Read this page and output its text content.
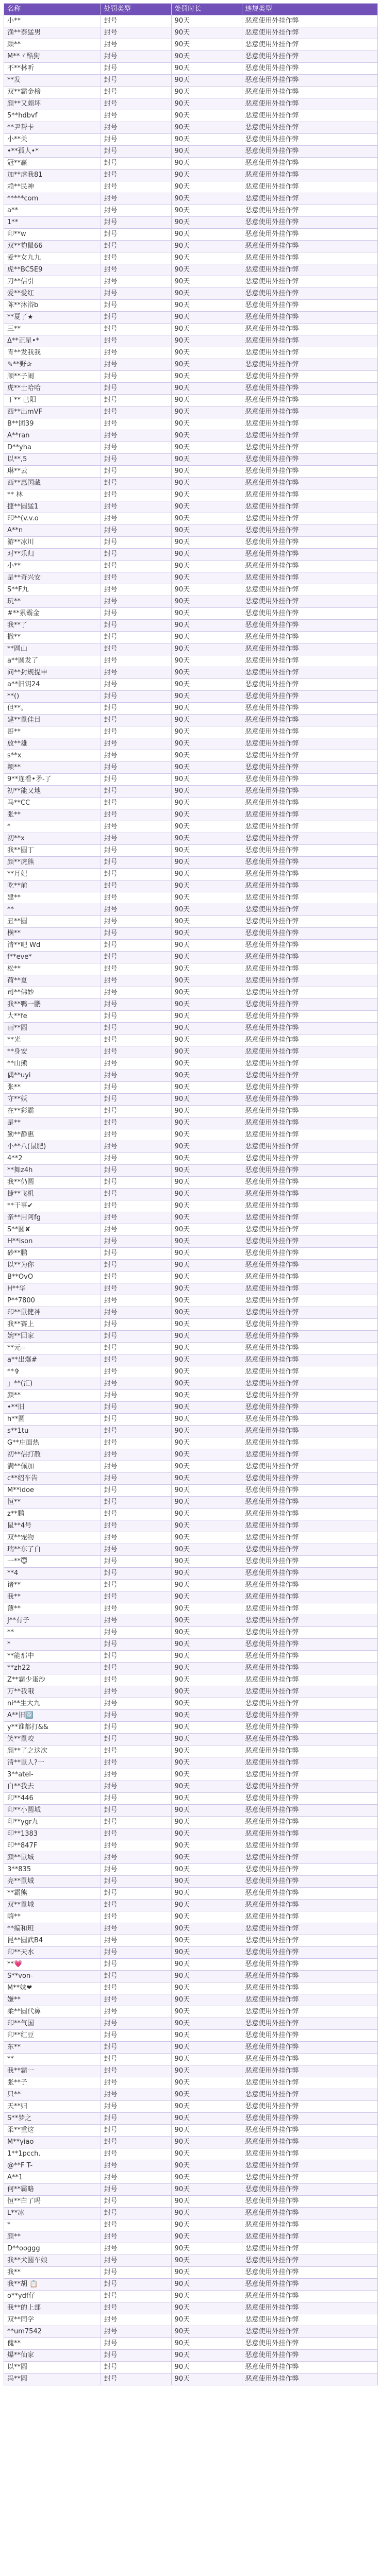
名称	处罚类型	处罚时长	违规类型
小**	封号	90天	恶意使用外挂作弊
渔**泰猛男	封号	90天	恶意使用外挂作弊
顾**	封号	90天	恶意使用外挂作弊
M**ゞ酷狗	封号	90天	恶意使用外挂作弊
不**林听	封号	90天	恶意使用外挂作弊
**发	封号	90天	恶意使用外挂作弊
双**霸金榜	封号	90天	恶意使用外挂作弊
颜**又颇坏	封号	90天	恶意使用外挂作弊
5**hdbvf	封号	90天	恶意使用外挂作弊
**尹帮卡	封号	90天	恶意使用外挂作弊
小**关	封号	90天	恶意使用外挂作弊
•**孤人•*	封号	90天	恶意使用外挂作弊
冠**赢	封号	90天	恶意使用外挂作弊
加**虐我81	封号	90天	恶意使用外挂作弊
赖**民神	封号	90天	恶意使用外挂作弊
*****com	封号	90天	恶意使用外挂作弊
a**	封号	90天	恶意使用外挂作弊
1**	封号	90天	恶意使用外挂作弊
印**w	封号	90天	恶意使用外挂作弊
双**豹鼠66	封号	90天	恶意使用外挂作弊
爱**女九九	封号	90天	恶意使用外挂作弊
虎**BC5E9	封号	90天	恶意使用外挂作弊
刀**信引	封号	90天	恶意使用外挂作弊
爱**爱红	封号	90天	恶意使用外挂作弊
陈**沐浴b	封号	90天	恶意使用外挂作弊
**夏了★	封号	90天	恶意使用外挂作弊
三**	封号	90天	恶意使用外挂作弊
Δ**正星•*	封号	90天	恶意使用外挂作弊
青**发我我	封号	90天	恶意使用外挂作弊
✎**野✰	封号	90天	恶意使用外挂作弊
顺**子闹	封号	90天	恶意使用外挂作弊
虎**士哈哈	封号	90天	恶意使用外挂作弊
丁** 已阳	封号	90天	恶意使用外挂作弊
西**出mVF	封号	90天	恶意使用外挂作弊
B**团39	封号	90天	恶意使用外挂作弊
A**ran	封号	90天	恶意使用外挂作弊
D**yha	封号	90天	恶意使用外挂作弊
以**,5	封号	90天	恶意使用外挂作弊
琳**云	封号	90天	恶意使用外挂作弊
西**惠国藏	封号	90天	恶意使用外挂作弊
** 林	封号	90天	恶意使用外挂作弊
捷**圆猛1	封号	90天	恶意使用外挂作弊
印**(v.v.o	封号	90天	恶意使用外挂作弊
A**n	封号	90天	恶意使用外挂作弊
游**冰川	封号	90天	恶意使用外挂作弊
对**乐归	封号	90天	恶意使用外挂作弊
小**	封号	90天	恶意使用外挂作弊
是**奇兴安	封号	90天	恶意使用外挂作弊
S**F九	封号	90天	恶意使用外挂作弊
玩**	封号	90天	恶意使用外挂作弊
#**累霸金	封号	90天	恶意使用外挂作弊
我**了	封号	90天	恶意使用外挂作弊
撒**	封号	90天	恶意使用外挂作弊
**圆山	封号	90天	恶意使用外挂作弊
a**圆发了	封号	90天	恶意使用外挂作弊
问**封规提申	封号	90天	恶意使用外挂作弊
a**旧钥24	封号	90天	恶意使用外挂作弊
**()	封号	90天	恶意使用外挂作弊
但**。	封号	90天	恶意使用外挂作弊
建**鼠佳目	封号	90天	恶意使用外挂作弊
哥**	封号	90天	恶意使用外挂作弊
放**雄	封号	90天	恶意使用外挂作弊
s**x	封号	90天	恶意使用外挂作弊
颖**	封号	90天	恶意使用外挂作弊
9**连看•矛-了	封号	90天	恶意使用外挂作弊
初**能又地	封号	90天	恶意使用外挂作弊
马**CC	封号	90天	恶意使用外挂作弊
张**	封号	90天	恶意使用外挂作弊
*	封号	90天	恶意使用外挂作弊
初**x	封号	90天	恶意使用外挂作弊
我**圆丁	封号	90天	恶意使用外挂作弊
颜**虎熊	封号	90天	恶意使用外挂作弊
**月妃	封号	90天	恶意使用外挂作弊
吃**前	封号	90天	恶意使用外挂作弊
建**	封号	90天	恶意使用外挂作弊
**	封号	90天	恶意使用外挂作弊
丑**圆	封号	90天	恶意使用外挂作弊
横**	封号	90天	恶意使用外挂作弊
清**吧 Wd	封号	90天	恶意使用外挂作弊
f**eve*	封号	90天	恶意使用外挂作弊
松**	封号	90天	恶意使用外挂作弊
荷**夏	封号	90天	恶意使用外挂作弊
司**佛妙	封号	90天	恶意使用外挂作弊
我**鸭一鹏	封号	90天	恶意使用外挂作弊
大**fe	封号	90天	恶意使用外挂作弊
丽**圆	封号	90天	恶意使用外挂作弊
**光	封号	90天	恶意使用外挂作弊
**身安	封号	90天	恶意使用外挂作弊
**山熊	封号	90天	恶意使用外挂作弊
偶**uyi	封号	90天	恶意使用外挂作弊
张**	封号	90天	恶意使用外挂作弊
守**妖	封号	90天	恶意使用外挂作弊
在**彩霸	封号	90天	恶意使用外挂作弊
是**	封号	90天	恶意使用外挂作弊
勤**静惠	封号	90天	恶意使用外挂作弊
小**八(鼠肥)	封号	90天	恶意使用外挂作弊
4**2	封号	90天	恶意使用外挂作弊
**舞z4h	封号	90天	恶意使用外挂作弊
我**仍圆	封号	90天	恶意使用外挂作弊
捷**飞机	封号	90天	恶意使用外挂作弊
**干事✔	封号	90天	恶意使用外挂作弊
亲**用阿fg	封号	90天	恶意使用外挂作弊
S**圆✘	封号	90天	恶意使用外挂作弊
H**ison	封号	90天	恶意使用外挂作弊
砂**鹏	封号	90天	恶意使用外挂作弊
以**为你	封号	90天	恶意使用外挂作弊
B**OvO	封号	90天	恶意使用外挂作弊
H**华	封号	90天	恶意使用外挂作弊
P**7800	封号	90天	恶意使用外挂作弊
印**鼠健神	封号	90天	恶意使用外挂作弊
我**赛上	封号	90天	恶意使用外挂作弊
婉**回家	封号	90天	恶意使用外挂作弊
**元--	封号	90天	恶意使用外挂作弊
a**出爆#	封号	90天	恶意使用外挂作弊
**✞	封号	90天	恶意使用外挂作弊
」**(汇)	封号	90天	恶意使用外挂作弊
颜**	封号	90天	恶意使用外挂作弊
•**旧	封号	90天	恶意使用外挂作弊
h**圆	封号	90天	恶意使用外挂作弊
s**1tu	封号	90天	恶意使用外挂作弊
G**庄面热	封号	90天	恶意使用外挂作弊
初**信打散	封号	90天	恶意使用外挂作弊
满**佩加	封号	90天	恶意使用外挂作弊
c**绍车告	封号	90天	恶意使用外挂作弊
M**idoe	封号	90天	恶意使用外挂作弊
恒**	封号	90天	恶意使用外挂作弊
z**鹏	封号	90天	恶意使用外挂作弊
鼠**4号	封号	90天	恶意使用外挂作弊
双**宠物	封号	90天	恶意使用外挂作弊
瑞**东了白	封号	90天	恶意使用外挂作弊
一**😇	封号	90天	恶意使用外挂作弊
**4	封号	90天	恶意使用外挂作弊
诸**	封号	90天	恶意使用外挂作弊
我**	封号	90天	恶意使用外挂作弊
薄**	封号	90天	恶意使用外挂作弊
J**有子	封号	90天	恶意使用外挂作弊
**	封号	90天	恶意使用外挂作弊
*	封号	90天	恶意使用外挂作弊
**能那中	封号	90天	恶意使用外挂作弊
**zh22	封号	90天	恶意使用外挂作弊
Z**霸少蛋沙	封号	90天	恶意使用外挂作弊
万**我哦	封号	90天	恶意使用外挂作弊
ni**生大九	封号	90天	恶意使用外挂作弊
A**旧🈳	封号	90天	恶意使用外挂作弊
y**谁都打&&	封号	90天	恶意使用外挂作弊
笑**鼠咬	封号	90天	恶意使用外挂作弊
颜**了之这次	封号	90天	恶意使用外挂作弊
清**鼠人?一	封号	90天	恶意使用外挂作弊
3**atel-	封号	90天	恶意使用外挂作弊
白**我去	封号	90天	恶意使用外挂作弊
印**446	封号	90天	恶意使用外挂作弊
印**小圆城	封号	90天	恶意使用外挂作弊
印**ygr九	封号	90天	恶意使用外挂作弊
印**1383	封号	90天	恶意使用外挂作弊
印**847F	封号	90天	恶意使用外挂作弊
颜**鼠城	封号	90天	恶意使用外挂作弊
3**835	封号	90天	恶意使用外挂作弊
亮**鼠城	封号	90天	恶意使用外挂作弊
**霸熊	封号	90天	恶意使用外挂作弊
双**鼠城	封号	90天	恶意使用外挂作弊
嗨**	封号	90天	恶意使用外挂作弊
**编和班	封号	90天	恶意使用外挂作弊
昆**圆武B4	封号	90天	恶意使用外挂作弊
印**天水	封号	90天	恶意使用外挂作弊
**💗	封号	90天	恶意使用外挂作弊
S**von-	封号	90天	恶意使用外挂作弊
M**妹❤	封号	90天	恶意使用外挂作弊
嫌**	封号	90天	恶意使用外挂作弊
柔**圆代鼻	封号	90天	恶意使用外挂作弊
印**气国	封号	90天	恶意使用外挂作弊
印**红豆	封号	90天	恶意使用外挂作弊
东**	封号	90天	恶意使用外挂作弊
**	封号	90天	恶意使用外挂作弊
我**霸一	封号	90天	恶意使用外挂作弊
张**子	封号	90天	恶意使用外挂作弊
只**	封号	90天	恶意使用外挂作弊
天**归	封号	90天	恶意使用外挂作弊
S**梦之	封号	90天	恶意使用外挂作弊
柔**重这	封号	90天	恶意使用外挂作弊
M**yiao	封号	90天	恶意使用外挂作弊
1**1pcch.	封号	90天	恶意使用外挂作弊
@**F T-	封号	90天	恶意使用外挂作弊
A**1	封号	90天	恶意使用外挂作弊
何**霸略	封号	90天	恶意使用外挂作弊
恒**白了吗	封号	90天	恶意使用外挂作弊
L**冰	封号	90天	恶意使用外挂作弊
*	封号	90天	恶意使用外挂作弊
颜**	封号	90天	恶意使用外挂作弊
D**ooggg	封号	90天	恶意使用外挂作弊
我**犬圆车娘	封号	90天	恶意使用外挂作弊
我**	封号	90天	恶意使用外挂作弊
我**胡 📋	封号	90天	恶意使用外挂作弊
o**ydf仔	封号	90天	恶意使用外挂作弊
我**的上部	封号	90天	恶意使用外挂作弊
双**同学	封号	90天	恶意使用外挂作弊
**um7542	封号	90天	恶意使用外挂作弊
傀**	封号	90天	恶意使用外挂作弊
爆**仙家	封号	90天	恶意使用外挂作弊
以**圆	封号	90天	恶意使用外挂作弊
冯**圆	封号	90天	恶意使用外挂作弊
